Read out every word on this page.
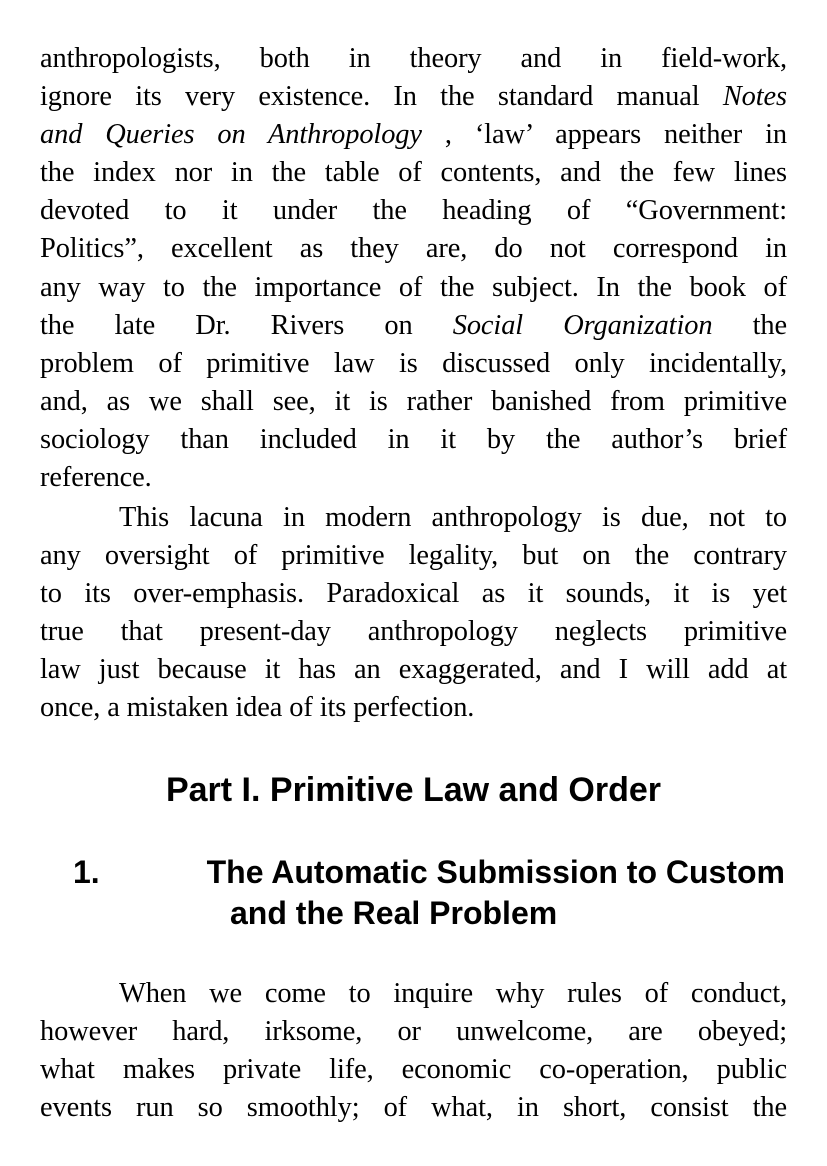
anthropologists, both in theory and in field-work,
ignore its very existence. In the standard manual Notes
and Queries on Anthropology , ‘law’ appears neither in
the index nor in the table of contents, and the few lines
devoted to it under the heading of “Government:
Politics”, excellent as they are, do not correspond in
any way to the importance of the subject. In the book of
the late Dr. Rivers on Social Organization the
problem of primitive law is discussed only incidentally,
and, as we shall see, it is rather banished from primitive
sociology than included in it by the author’s brief
reference.
This lacuna in modern anthropology is due, not to
any oversight of primitive legality, but on the contrary
to its over-emphasis. Paradoxical as it sounds, it is yet
true that present-day anthropology neglects primitive
law just because it has an exaggerated, and I will add at
once, a mistaken idea of its perfection.
Part I. Primitive Law and Order
1.	The Automatic Submission to Custom
and the Real Problem
When we come to inquire why rules of conduct,
however hard, irksome, or unwelcome, are obeyed;
what makes private life, economic co-operation, public
events run so smoothly; of what, in short, consist the
